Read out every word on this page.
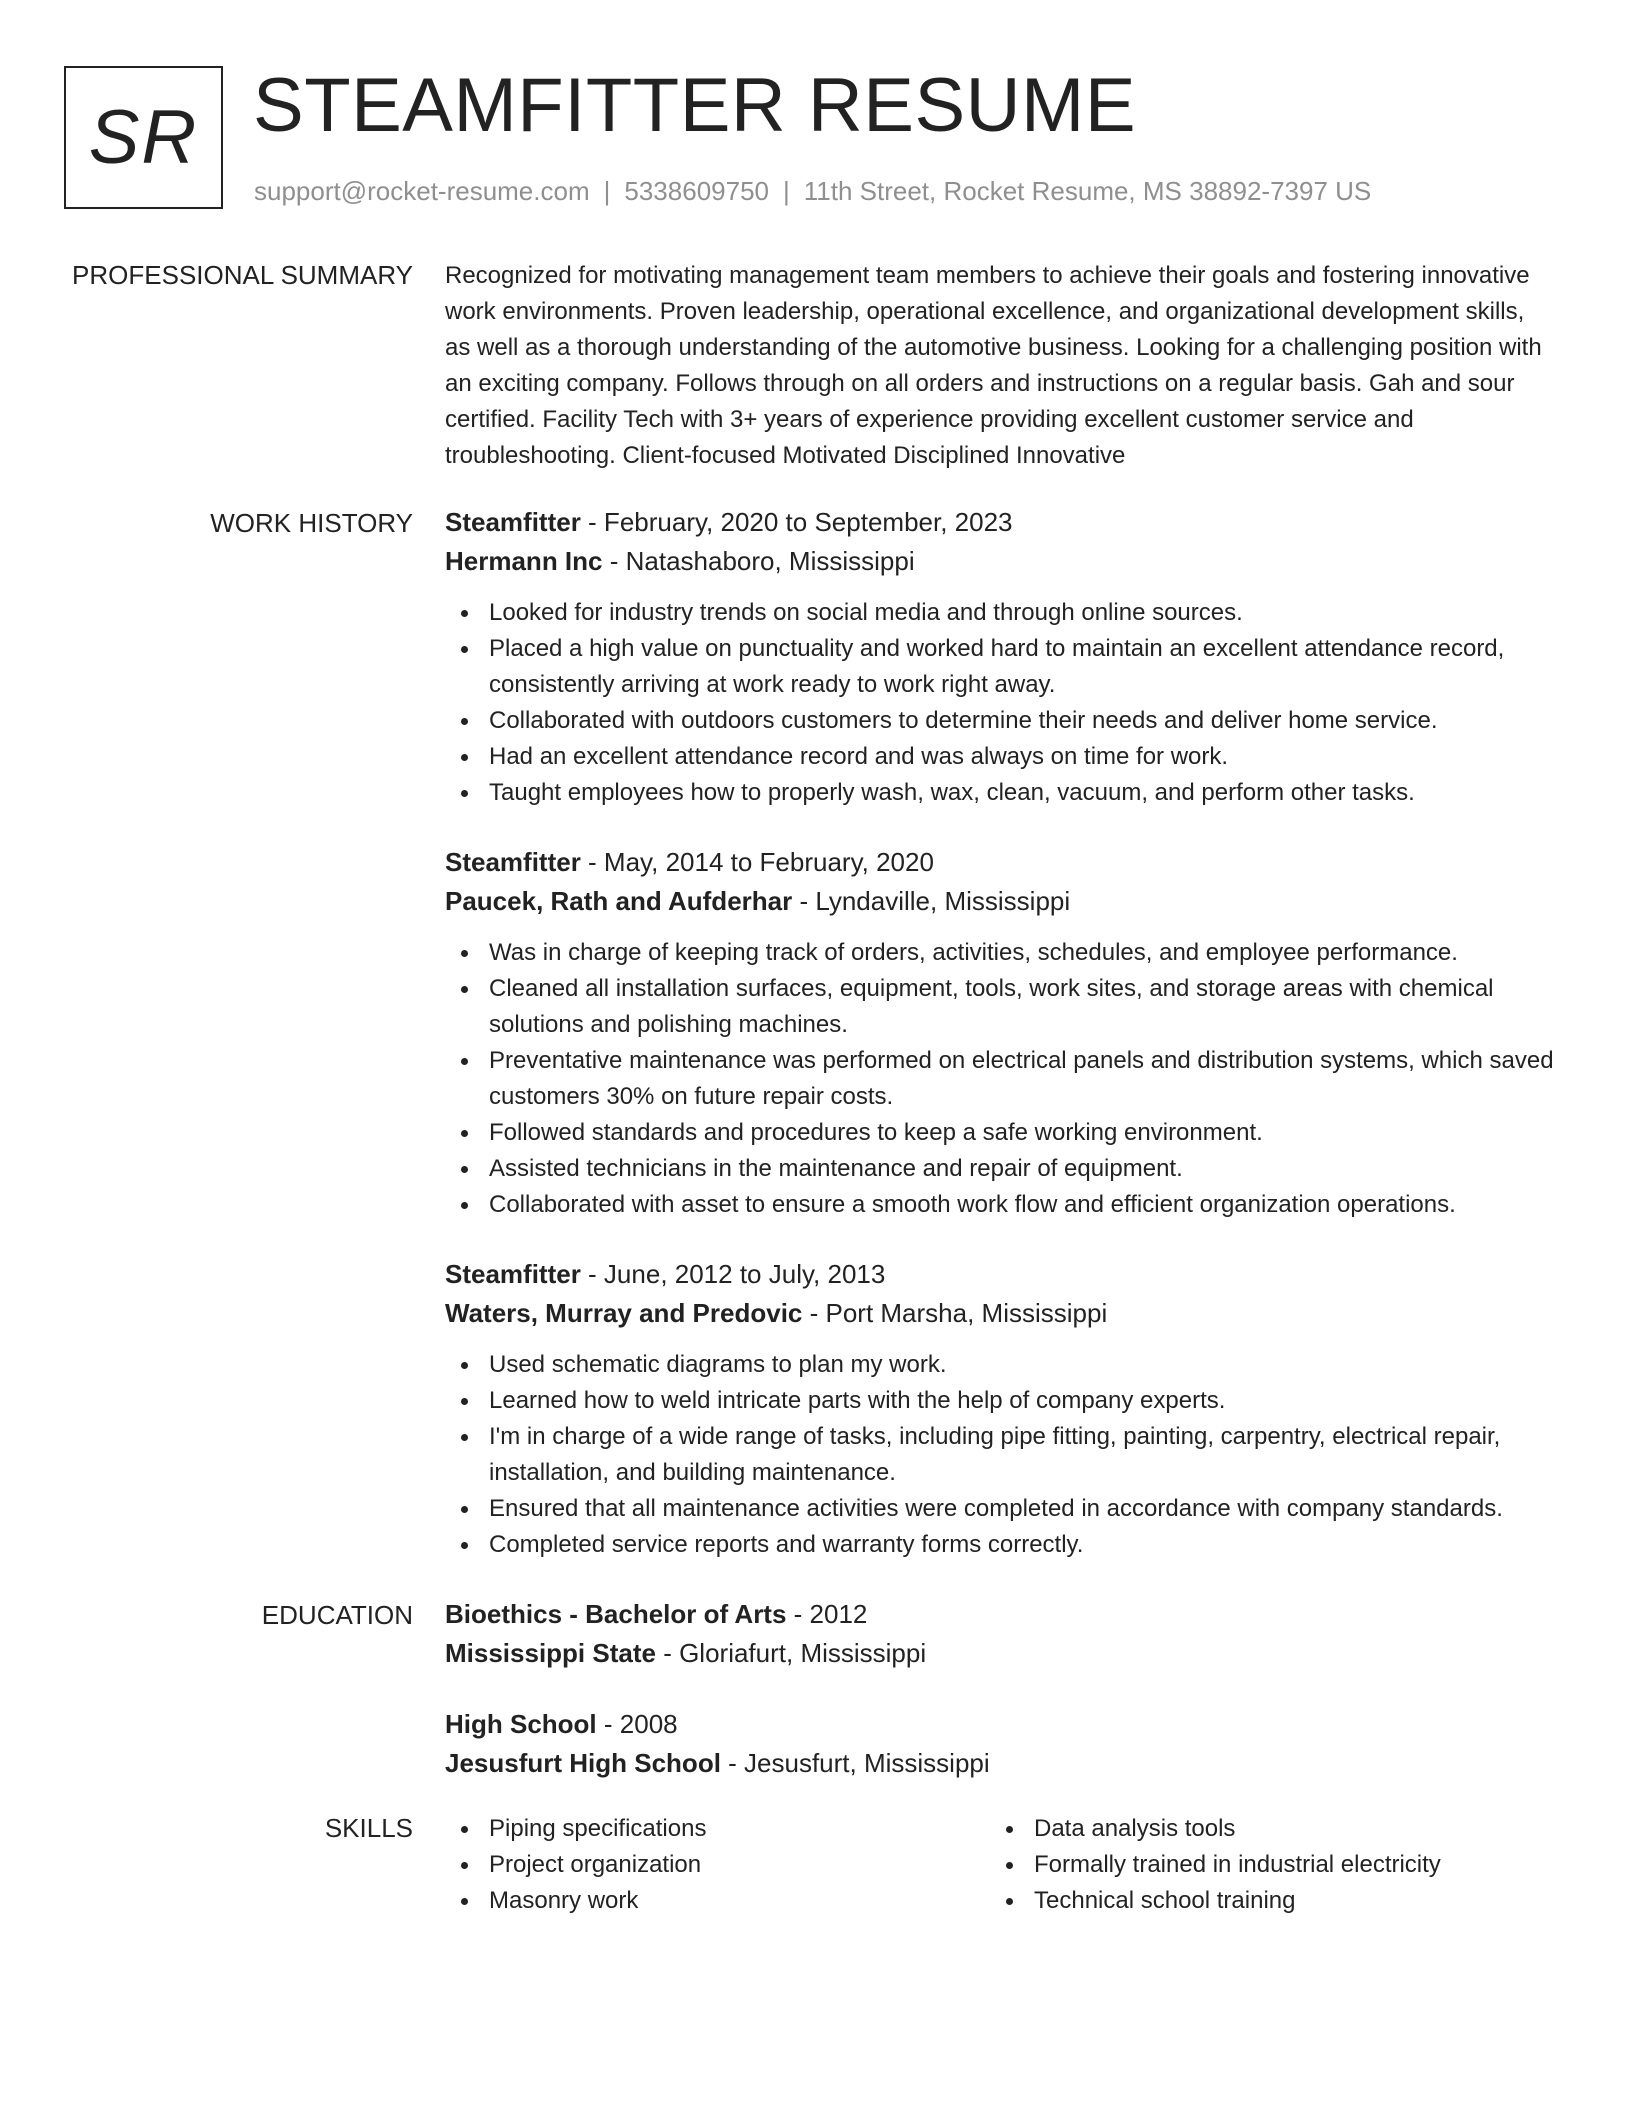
SR STEAMFITTER RESUME
support@rocket-resume.com | 5338609750 | 11th Street, Rocket Resume, MS 38892-7397 US
PROFESSIONAL SUMMARY Recognized for motivating management team members to achieve their goals and fostering innovative work environments. Proven leadership, operational excellence, and organizational development skills, as well as a thorough understanding of the automotive business. Looking for a challenging position with an exciting company. Follows through on all orders and instructions on a regular basis. Gah and sour certified. Facility Tech with 3+ years of experience providing excellent customer service and troubleshooting. Client-focused Motivated Disciplined Innovative
WORK HISTORY Steamfitter - February, 2020 to September, 2023
Hermann Inc - Natashaboro, Mississippi
Looked for industry trends on social media and through online sources.
Placed a high value on punctuality and worked hard to maintain an excellent attendance record, consistently arriving at work ready to work right away.
Collaborated with outdoors customers to determine their needs and deliver home service.
Had an excellent attendance record and was always on time for work.
Taught employees how to properly wash, wax, clean, vacuum, and perform other tasks.
Steamfitter - May, 2014 to February, 2020
Paucek, Rath and Aufderhar - Lyndaville, Mississippi
Was in charge of keeping track of orders, activities, schedules, and employee performance.
Cleaned all installation surfaces, equipment, tools, work sites, and storage areas with chemical solutions and polishing machines.
Preventative maintenance was performed on electrical panels and distribution systems, which saved customers 30% on future repair costs.
Followed standards and procedures to keep a safe working environment.
Assisted technicians in the maintenance and repair of equipment.
Collaborated with asset to ensure a smooth work flow and efficient organization operations.
Steamfitter - June, 2012 to July, 2013
Waters, Murray and Predovic - Port Marsha, Mississippi
Used schematic diagrams to plan my work.
Learned how to weld intricate parts with the help of company experts.
I'm in charge of a wide range of tasks, including pipe fitting, painting, carpentry, electrical repair, installation, and building maintenance.
Ensured that all maintenance activities were completed in accordance with company standards.
Completed service reports and warranty forms correctly.
EDUCATION Bioethics - Bachelor of Arts - 2012
Mississippi State - Gloriafurt, Mississippi
High School - 2008
Jesusfurt High School - Jesusfurt, Mississippi
SKILLS	Piping specifications
Project organization
Masonry work
Data analysis tools
Formally trained in industrial electricity
Technical school training
